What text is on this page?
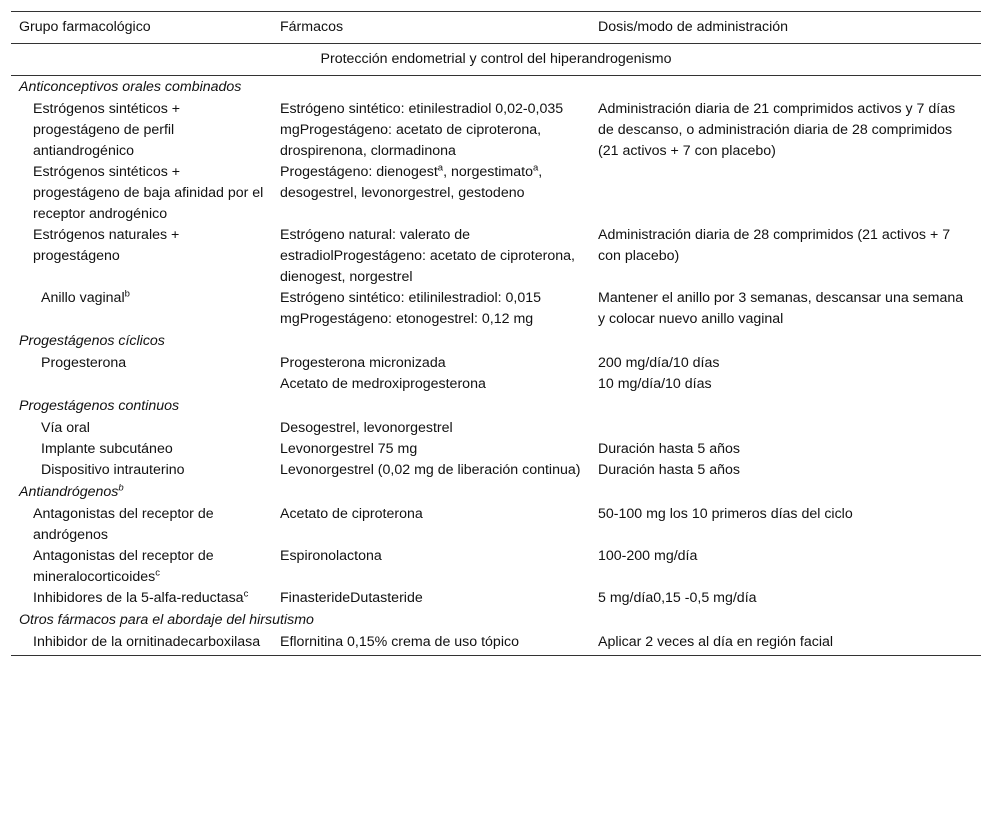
Grupo farmacológico	Fármacos	Dosis/modo de administración
Protección endometrial y control del hiperandrogenismo		
Anticonceptivos orales combinados		
Estrógenos sintéticos + progestágeno de perfil antiandrogénico	Estrógeno sintético: etinilestradiol 0,02-0,035 mgProgestágeno: acetato de ciproterona, drospirenona, clormadinona	Administración diaria de 21 comprimidos activos y 7 días de descanso, o administración diaria de 28 comprimidos (21 activos + 7 con placebo)
Estrógenos sintéticos + progestágeno de baja afinidad por el receptor androgénico	Progestágeno: dienogest$^a$, norgestimato$^a$, desogestrel, levonorgestrel, gestodeno	
Estrógenos naturales + progestágeno	Estrógeno natural: valerato de estradiolProgestágeno: acetato de ciproterona, dienogest, norgestrel	Administración diaria de 28 comprimidos (21 activos + 7 con placebo)
Anillo vaginal$^b$	Estrógeno sintético: etilinilestradiol: 0,015 mgProgestágeno: etonogestrel: 0,12 mg	Mantener el anillo por 3 semanas, descansar una semana y colocar nuevo anillo vaginal
Progestágenos cíclicos		
Progesterona	Progesterona micronizada	200 mg/día/10 días
	Acetato de medroxiprogesterona	10 mg/día/10 días
Progestágenos continuos		
Vía oral	Desogestrel, levonorgestrel	
Implante subcutáneo	Levonorgestrel 75 mg	Duración hasta 5 años
Dispositivo intrauterino	Levonorgestrel (0,02 mg de liberación continua)	Duración hasta 5 años
Antiandrógenos$^b$
Antagonistas del receptor de andrógenos	Acetato de ciproterona	50-100 mg los 10 primeros días del ciclo
Antagonistas del receptor de mineralocorticoides$^c$	Espironolactona	100-200 mg/día
Inhibidores de la 5-alfa-reductasa$^c$	FinasterideDutasteride	5 mg/día0,15 -0,5 mg/día
Otros fármacos para el abordaje del hirsutismo		
Inhibidor de la ornitinadecarboxilasa	Eflornitina 0,15% crema de uso tópico	Aplicar 2 veces al día en región facial
